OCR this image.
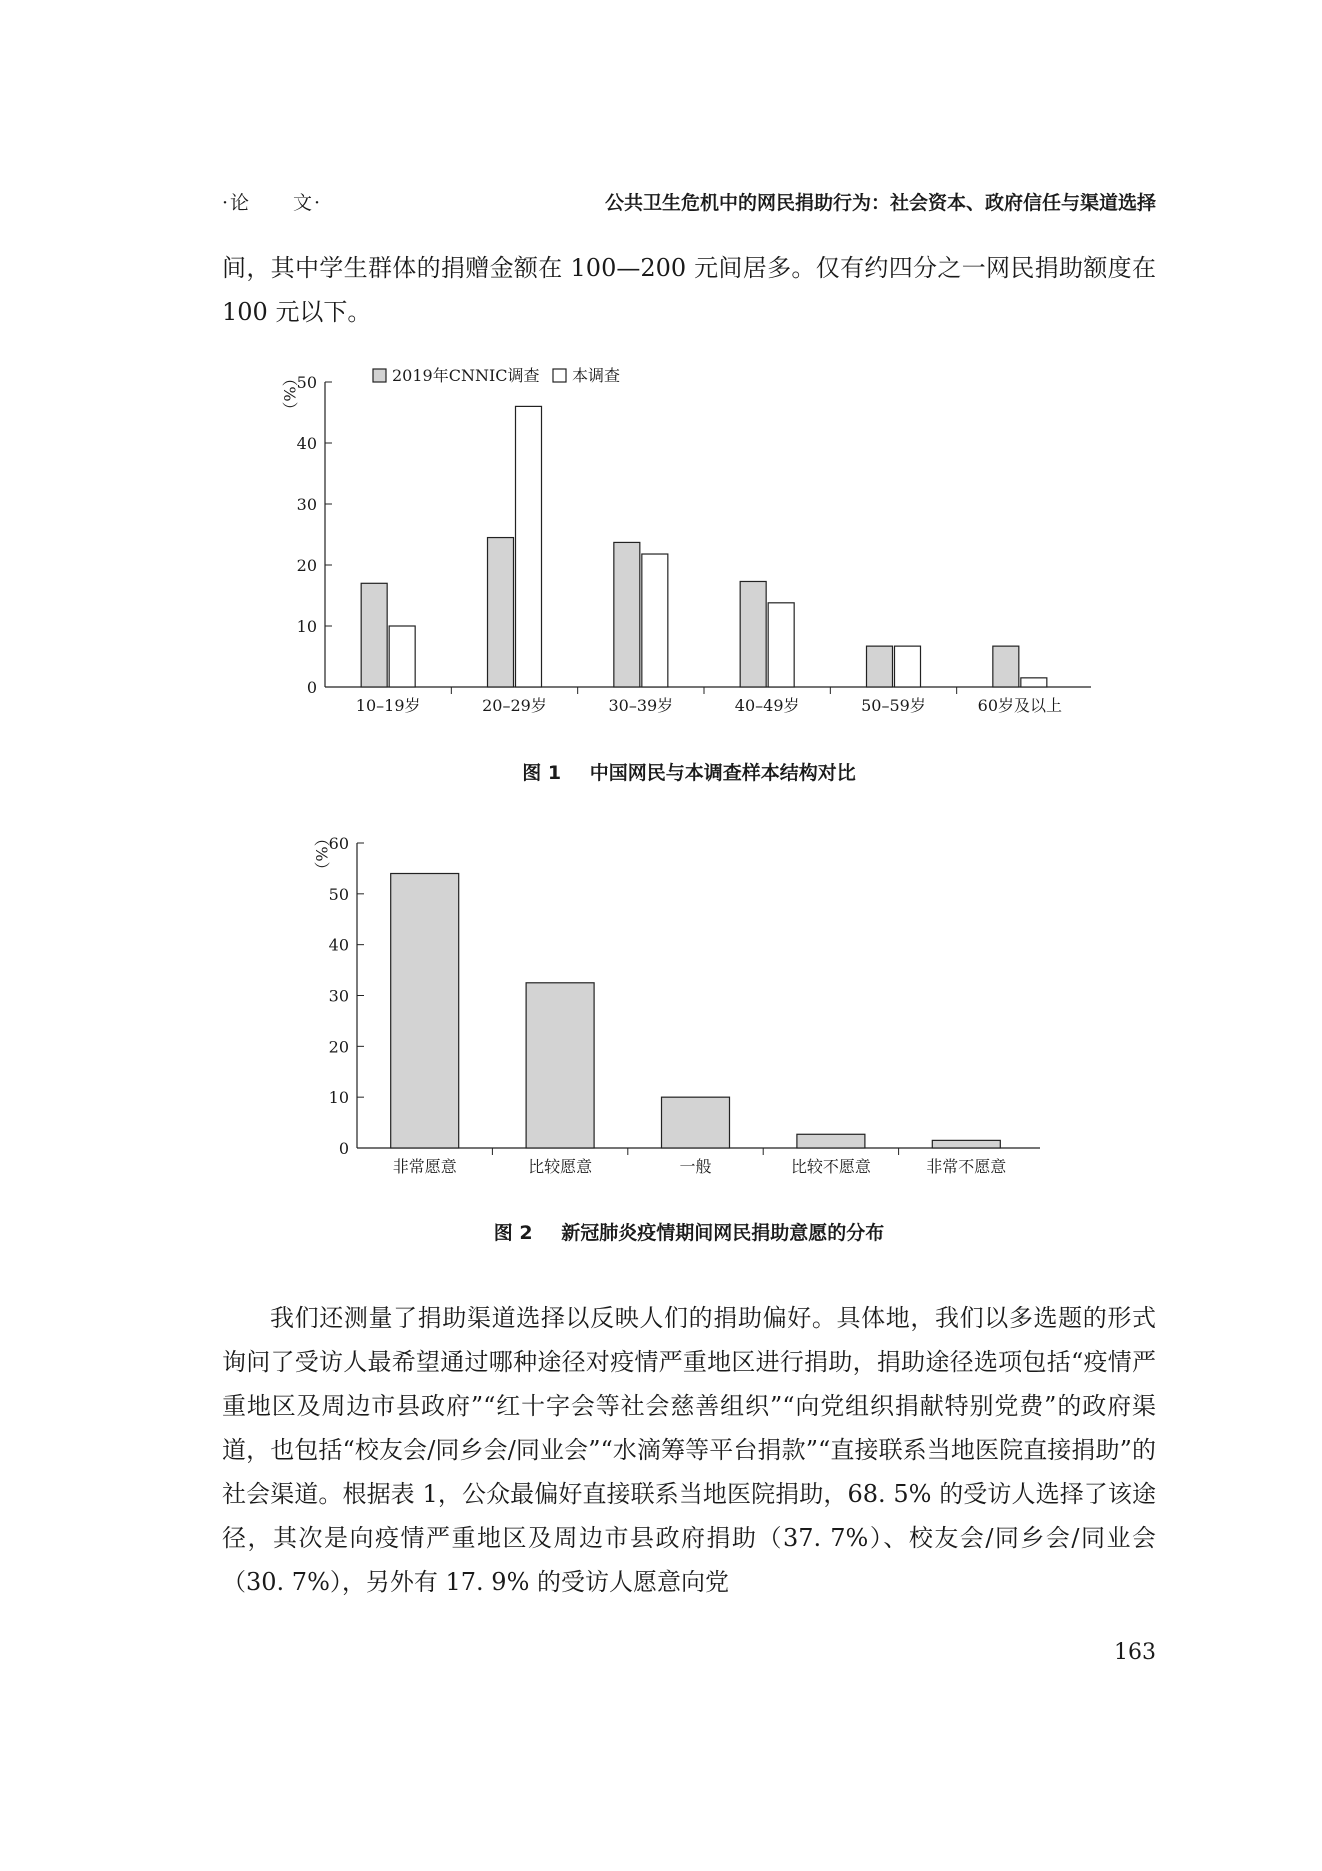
·论　　文·	公共卫生危机中的网民捐助行为：社会资本、政府信任与渠道选择

间，其中学生群体的捐赠金额在 100—200 元间居多。仅有约四分之一网民捐助额度在 100 元以下。

0
10
20
30
40
50
（%）
10–19岁	20–29岁	30–39岁	40–49岁	50–59岁	60岁及以上
2019年CNNIC调查 本调查
图 1 中国网民与本调查样本结构对比
0
10
20
30
40
50
60
（%）
非常愿意	比较愿意	一般	比较不愿意	非常不愿意
图 2 新冠肺炎疫情期间网民捐助意愿的分布

我们还测量了捐助渠道选择以反映人们的捐助偏好。具体地，我们以多选题的形式询问了受访人最希望通过哪种途径对疫情严重地区进行捐助，捐助途径选项包括“疫情严重地区及周边市县政府”“红十字会等社会慈善组织”“向党组织捐献特别党费”的政府渠道，也包括“校友会/同乡会/同业会”“水滴筹等平台捐款”“直接联系当地医院直接捐助”的社会渠道。根据表 1，公众最偏好直接联系当地医院捐助，68. 5% 的受访人选择了该途径，其次是向疫情严重地区及周边市县政府捐助（37. 7%）、校友会/同乡会/同业会（30. 7%），另外有 17. 9% 的受访人愿意向党

163
